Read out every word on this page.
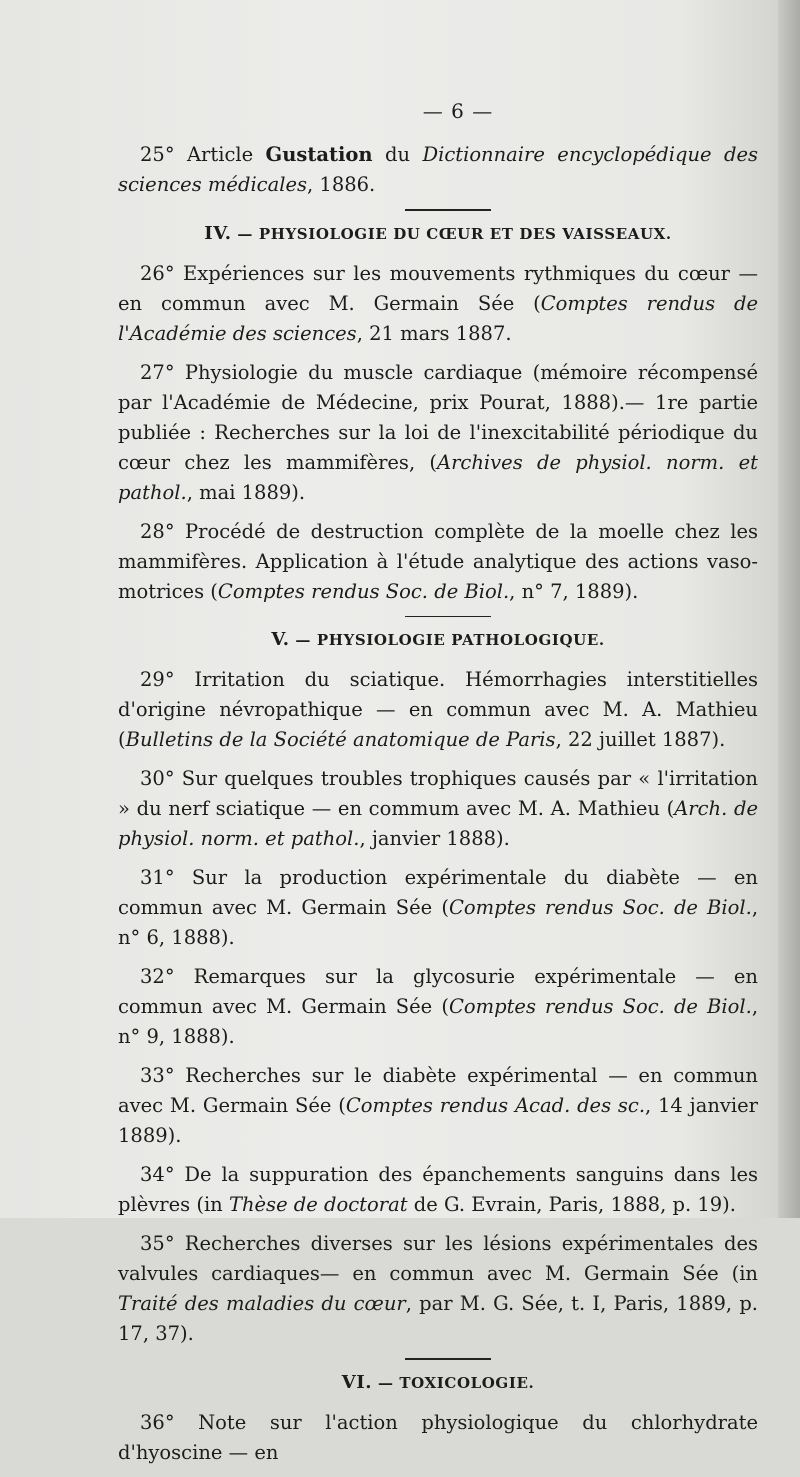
— 6 —

25° Article Gustation du Dictionnaire encyclopédique des sciences médicales, 1886.

IV. — PHYSIOLOGIE DU CŒUR ET DES VAISSEAUX.

26° Expériences sur les mouvements rythmiques du cœur — en commun avec M. Germain Sée (Comptes rendus de l'Académie des sciences, 21 mars 1887.

27° Physiologie du muscle cardiaque (mémoire récompensé par l'Académie de Médecine, prix Pourat, 1888).— 1re partie publiée : Recherches sur la loi de l'inexcitabilité périodique du cœur chez les mammifères, (Archives de physiol. norm. et pathol., mai 1889).

28° Procédé de destruction complète de la moelle chez les mammifères. Application à l'étude analytique des actions vaso-motrices (Comptes rendus Soc. de Biol., n° 7, 1889).

V. — PHYSIOLOGIE PATHOLOGIQUE.

29° Irritation du sciatique. Hémorrhagies interstitielles d'origine névropathique — en commun avec M. A. Mathieu (Bulletins de la Société anatomique de Paris, 22 juillet 1887).

30° Sur quelques troubles trophiques causés par « l'irritation » du nerf sciatique — en commum avec M. A. Mathieu (Arch. de physiol. norm. et pathol., janvier 1888).

31° Sur la production expérimentale du diabète — en commun avec M. Germain Sée (Comptes rendus Soc. de Biol., n° 6, 1888).

32° Remarques sur la glycosurie expérimentale — en commun avec M. Germain Sée (Comptes rendus Soc. de Biol., n° 9, 1888).

33° Recherches sur le diabète expérimental — en commun avec M. Germain Sée (Comptes rendus Acad. des sc., 14 janvier 1889).

34° De la suppuration des épanchements sanguins dans les plèvres (in Thèse de doctorat de G. Evrain, Paris, 1888, p. 19).

35° Recherches diverses sur les lésions expérimentales des valvules cardiaques— en commun avec M. Germain Sée (in Traité des maladies du cœur, par M. G. Sée, t. I, Paris, 1889, p. 17, 37).

VI. — TOXICOLOGIE.

36° Note sur l'action physiologique du chlorhydrate d'hyoscine — en
